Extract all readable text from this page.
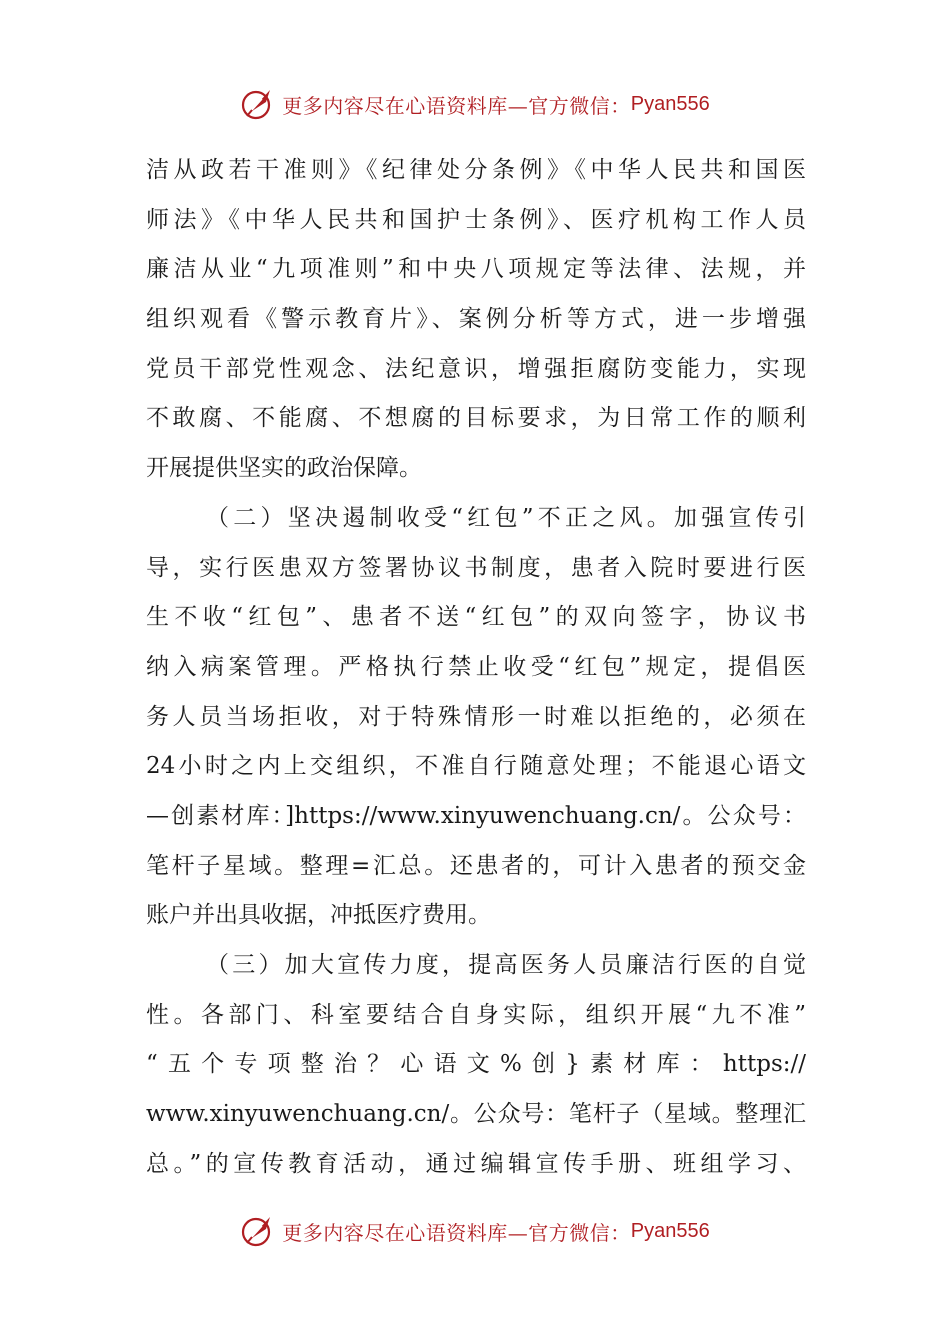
更多内容尽在心语资料库—官方微信： Pyan556
洁从政若干准则》《纪律处分条例》《中华人民共和国医
师法》《中华人民共和国护士条例》、医疗机构工作人员
廉洁从业“九项准则”和中央八项规定等法律、法规，并
组织观看《警示教育片》、案例分析等方式，进一步增强
党员干部党性观念、法纪意识，增强拒腐防变能力，实现
不敢腐、不能腐、不想腐的目标要求，为日常工作的顺利
开展提供坚实的政治保障。
（二）坚决遏制收受“红包”不正之风。加强宣传引
导，实行医患双方签署协议书制度，患者入院时要进行医
生不收“红包”、患者不送“红包”的双向签字，协议书
纳入病案管理。严格执行禁止收受“红包”规定，提倡医
务人员当场拒收，对于特殊情形一时难以拒绝的，必须在
24小时之内上交组织，不准自行随意处理；不能退心语文
—创素材库：]https://www.xinyuwenchuang.cn/。公众号：
笔杆子星域。整理=汇总。还患者的，可计入患者的预交金
账户并出具收据，冲抵医疗费用。
（三）加大宣传力度，提高医务人员廉洁行医的自觉
性。各部门、科室要结合自身实际，组织开展“九不准”
“五个专项整治？心语文%创}素材库：https://
www.xinyuwenchuang.cn/。公众号：笔杆子（星域。整理汇
总。”的宣传教育活动，通过编辑宣传手册、班组学习、
更多内容尽在心语资料库—官方微信： Pyan556
